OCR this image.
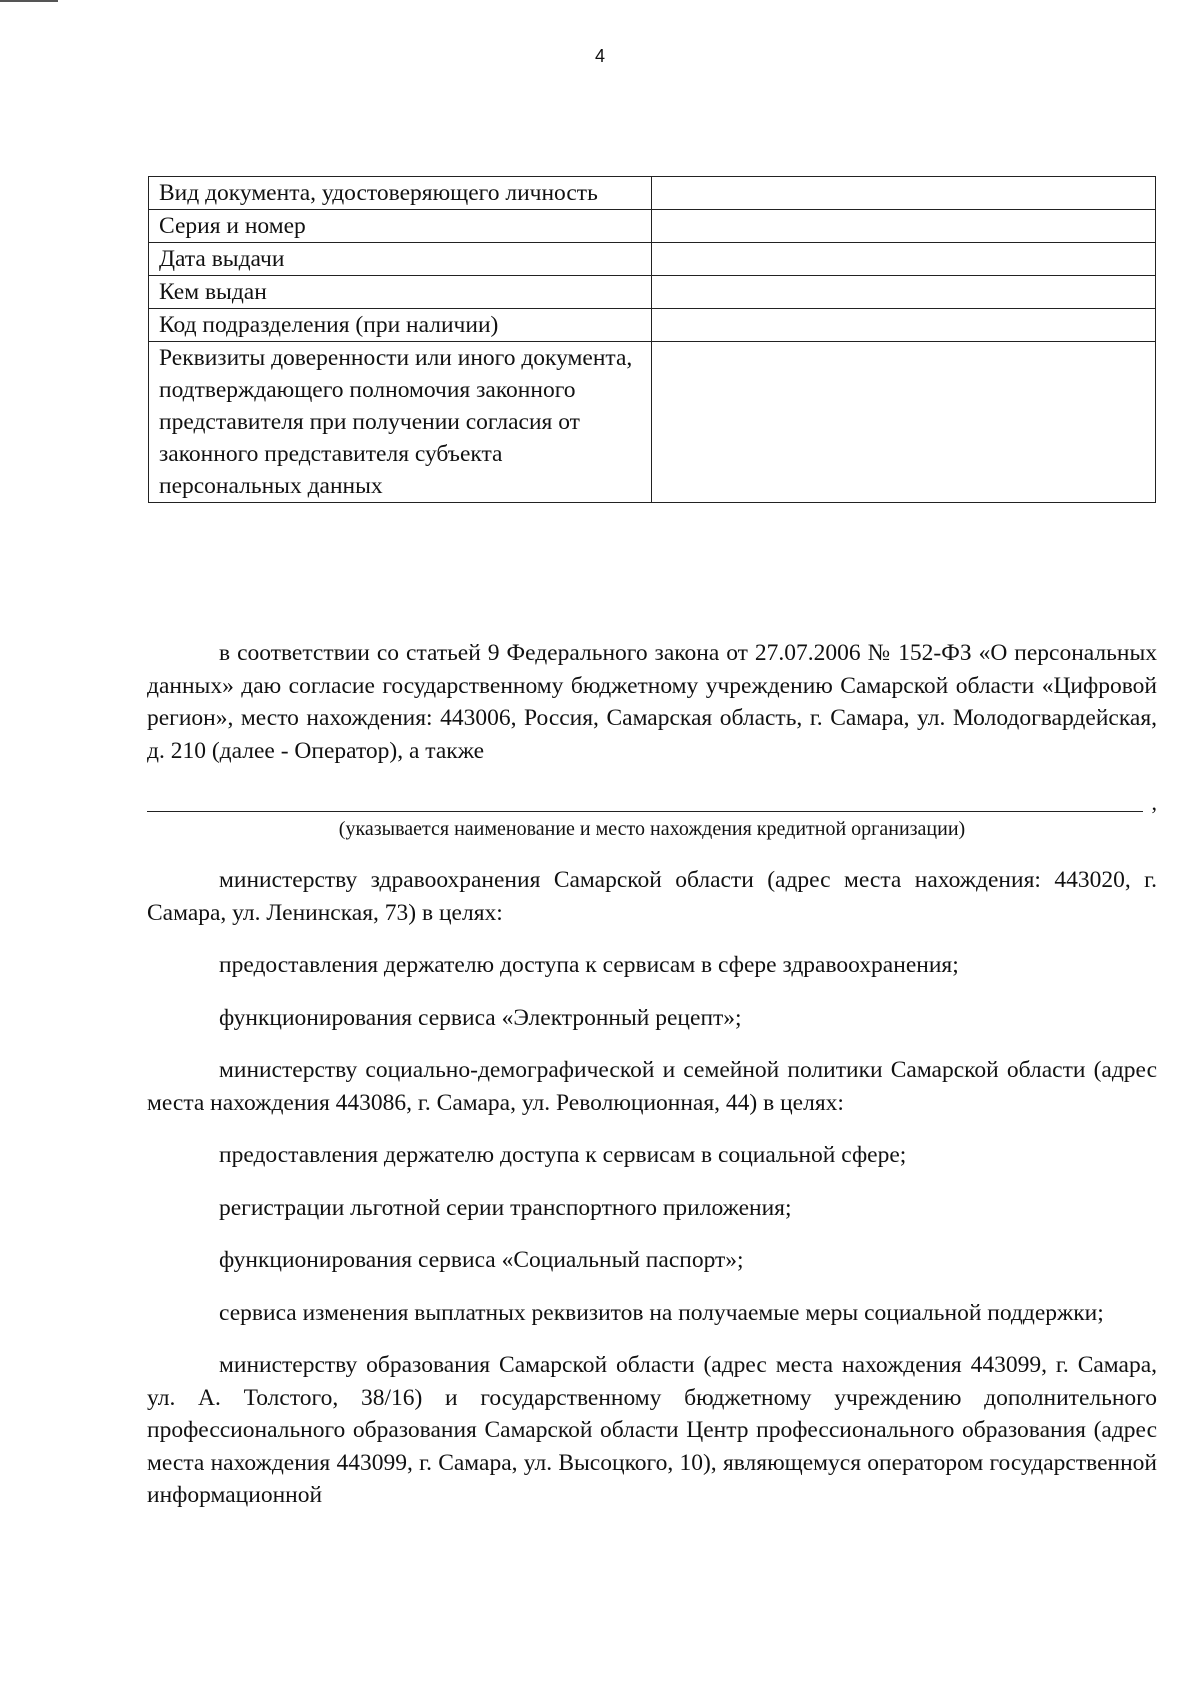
4
Вид документа, удостоверяющего личность	
Серия и номер	
Дата выдачи	
Кем выдан	
Код подразделения (при наличии)	
Реквизиты доверенности или иного документа, подтверждающего полномочия законного представителя при получении согласия от законного представителя субъекта персональных данных	

в соответствии со статьей 9 Федерального закона от 27.07.2006 № 152-ФЗ «О персональных данных» даю согласие государственному бюджетному учреждению Самарской области «Цифровой регион», место нахождения: 443006, Россия, Самарская область, г. Самара, ул. Молодогвардейская, д. 210 (далее - Оператор), а также

,
(указывается наименование и место нахождения кредитной организации)

министерству здравоохранения Самарской области (адрес места нахождения: 443020, г. Самара, ул. Ленинская, 73) в целях:

предоставления держателю доступа к сервисам в сфере здравоохранения;

функционирования сервиса «Электронный рецепт»;

министерству социально-демографической и семейной политики Самарской области (адрес места нахождения 443086, г. Самара, ул. Революционная, 44) в целях:

предоставления держателю доступа к сервисам в социальной сфере;

регистрации льготной серии транспортного приложения;

функционирования сервиса «Социальный паспорт»;

сервиса изменения выплатных реквизитов на получаемые меры социальной поддержки;

министерству образования Самарской области (адрес места нахождения 443099, г. Самара, ул. А. Толстого, 38/16) и государственному бюджетному учреждению дополнительного профессионального образования Самарской области Центр профессионального образования (адрес места нахождения 443099, г. Самара, ул. Высоцкого, 10), являющемуся оператором государственной информационной
